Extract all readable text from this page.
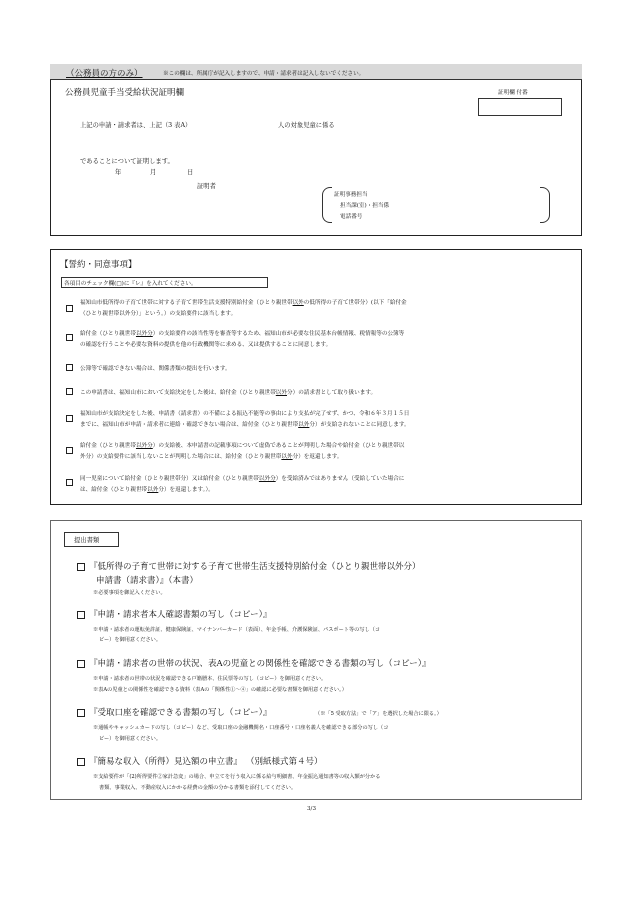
（公務員の方のみ）	※この欄は、所属庁が記入しますので、申請・請求者は記入しないでください。
公務員児童手当受給状況証明欄	証明欄 付番
上記の申請・請求者は、上記（3 表A）	人の対象児童に係る
であることについて証明します。
年	月	日
証明者
証明事務担当
担当課(室)・担当係
電話番号
【誓約・同意事項】
各項目のチェック欄(□)に『レ』を入れてください。
福知山市低所得の子育て世帯に対する子育て世帯生活支援特別給付金（ひとり親世帯以外の低所得の子育て世帯分）(以下「給付金
（ひとり親世帯以外分）」という。）の支給要件に該当します。
給付金（ひとり親世帯以外分）の支給要件の該当性等を審査等するため、福知山市が必要な住民基本台帳情報、税情報等の公簿等
の確認を行うことや必要な資料の提供を他の行政機関等に求める、又は提供することに同意します。
公簿等で確認できない場合は、関係書類の提出を行います。
この申請書は、福知山市において支給決定をした後は、給付金（ひとり親世帯以外分）の請求書として取り扱います。
福知山市が支給決定をした後、申請書（請求書）の不備による振込不能等の事由により支払が完了せず、かつ、令和６年３月１５日
までに、福知山市が申請・請求者に連絡・確認できない場合は、給付金（ひとり親世帯以外分）が支給されないことに同意します。
給付金（ひとり親世帯以外分）の支給後、本申請書の記載事項について虚偽であることが判明した場合や給付金（ひとり親世帯以
外分）の支給要件に該当しないことが判明した場合には、給付金（ひとり親世帯以外分）を返還します。
同一児童について給付金（ひとり親世帯分）又は給付金（ひとり親世帯以外分）を受給済みではありません（受給していた場合に
は、給付金（ひとり親世帯以外分）を返還します。）。
提出書類
『低所得の子育て世帯に対する子育て世帯生活支援特別給付金（ひとり親世帯以外分）
申請書（請求書）』（本書）
※必要事項を御記入ください。
『申請・請求者本人確認書類の写し（コピー）』
※申請・請求者の運転免許証、健康保険証、マイナンバーカード（表面）、年金手帳、介護保険証、パスポート等の写し（コ
ピー）を御用意ください。
『申請・請求者の世帯の状況、表Aの児童との関係性を確認できる書類の写し（コピー）』
※申請・請求者の世帯の状況を確認できる戸籍謄本、住民票等の写し（コピー）を御用意ください。
※表Aの児童との関係性を確認できる資料（表Aの「関係性①～④」の確認に必要な書類を御用意ください。）
『受取口座を確認できる書類の写し（コピー）』	（※「5 受取方法」で「ア」を選択した場合に限る。）
※通帳やキャッシュカードの写し（コピー）など、受取口座の金融機関名・口座番号・口座名義人を確認できる部分の写し（コ
ピー）を御用意ください。
『簡易な収入（所得）見込額の申立書』 （別紙様式第４号）
※支給要件が「(2)所得要件②家計急変」の場合、申立てを行う収入に係る給与明細書、年金振込通知書等の収入額が分かる
書類、事業収入、不動産収入にかかる経費の金額の分かる書類を添付してください。
3/3
